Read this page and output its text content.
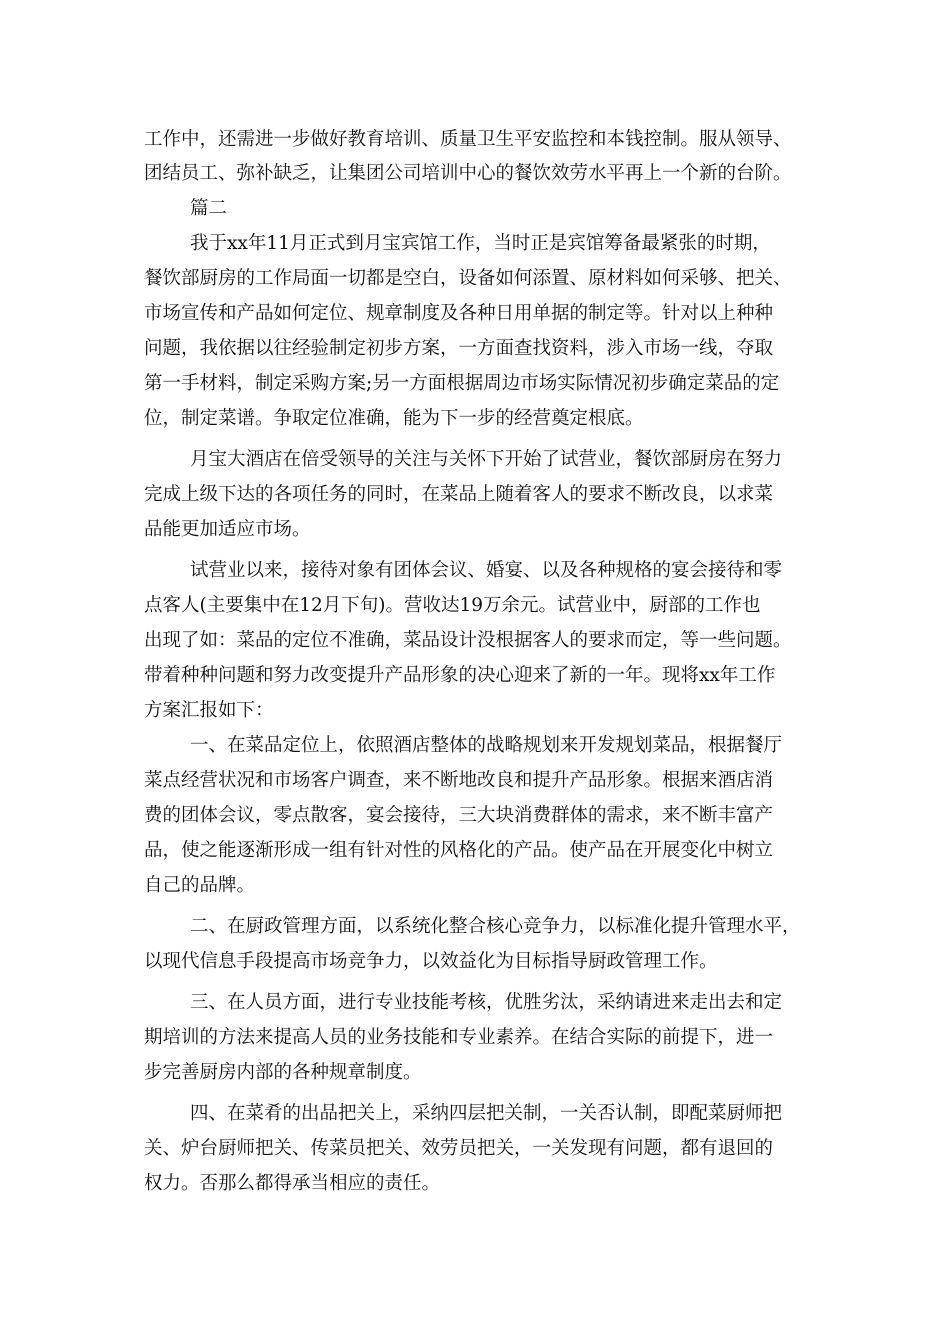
工作中，还需进一步做好教育培训、质量卫生平安监控和本钱控制。服从领导、

团结员工、弥补缺乏，让集团公司培训中心的餐饮效劳水平再上一个新的台阶。

篇二

我于xx年11月正式到月宝宾馆工作，当时正是宾馆筹备最紧张的时期，

餐饮部厨房的工作局面一切都是空白，设备如何添置、原材料如何采够、把关、

市场宣传和产品如何定位、规章制度及各种日用单据的制定等。针对以上种种

问题，我依据以往经验制定初步方案，一方面查找资料，涉入市场一线，夺取

第一手材料，制定采购方案;另一方面根据周边市场实际情况初步确定菜品的定

位，制定菜谱。争取定位准确，能为下一步的经营奠定根底。

月宝大酒店在倍受领导的关注与关怀下开始了试营业，餐饮部厨房在努力

完成上级下达的各项任务的同时，在菜品上随着客人的要求不断改良，以求菜

品能更加适应市场。

试营业以来，接待对象有团体会议、婚宴、以及各种规格的宴会接待和零

点客人(主要集中在12月下旬)。营收达19万余元。试营业中，厨部的工作也

出现了如：菜品的定位不准确，菜品设计没根据客人的要求而定，等一些问题。

带着种种问题和努力改变提升产品形象的决心迎来了新的一年。现将xx年工作

方案汇报如下：

一、在菜品定位上，依照酒店整体的战略规划来开发规划菜品，根据餐厅

菜点经营状况和市场客户调查，来不断地改良和提升产品形象。根据来酒店消

费的团体会议，零点散客，宴会接待，三大块消费群体的需求，来不断丰富产

品，使之能逐渐形成一组有针对性的风格化的产品。使产品在开展变化中树立

自己的品牌。

二、在厨政管理方面，以系统化整合核心竞争力，以标准化提升管理水平，

以现代信息手段提高市场竞争力，以效益化为目标指导厨政管理工作。

三、在人员方面，进行专业技能考核，优胜劣汰，采纳请进来走出去和定

期培训的方法来提高人员的业务技能和专业素养。在结合实际的前提下，进一

步完善厨房内部的各种规章制度。

四、在菜肴的出品把关上，采纳四层把关制，一关否认制，即配菜厨师把

关、炉台厨师把关、传菜员把关、效劳员把关，一关发现有问题，都有退回的

权力。否那么都得承当相应的责任。
